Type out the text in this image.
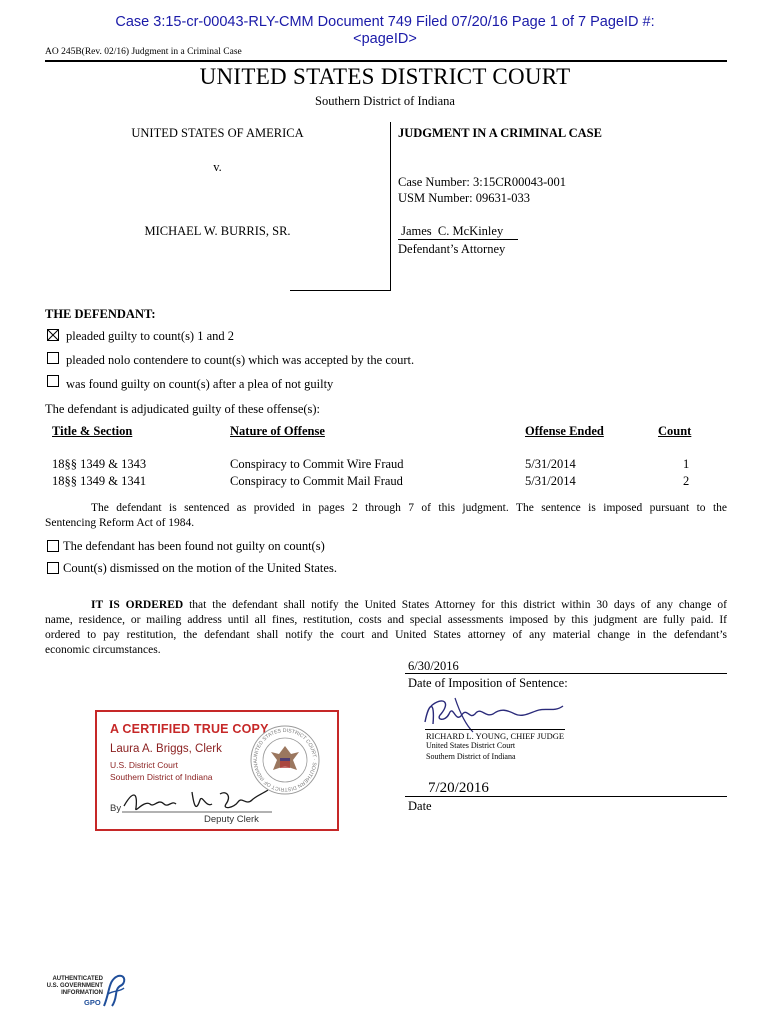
Case 3:15-cr-00043-RLY-CMM Document 749 Filed 07/20/16 Page 1 of 7 PageID #:
<pageID>
AO 245B(Rev. 02/16) Judgment in a Criminal Case
UNITED STATES DISTRICT COURT
Southern District of Indiana
UNITED STATES OF AMERICA
v.
MICHAEL W. BURRIS, SR.
JUDGMENT IN A CRIMINAL CASE
Case Number: 3:15CR00043-001
USM Number: 09631-033
James  C. McKinley
Defendant’s Attorney
THE DEFENDANT:
pleaded guilty to count(s) 1 and 2
pleaded nolo contendere to count(s) which was accepted by the court.
was found guilty on count(s) after a plea of not guilty
The defendant is adjudicated guilty of these offense(s):
Title & Section	Nature of Offense	Offense Ended	Count
18§§ 1349 & 1343	Conspiracy to Commit Wire Fraud	5/31/2014	1
18§§ 1349 & 1341	Conspiracy to Commit Mail Fraud	5/31/2014	2
The defendant is sentenced as provided in pages 2 through 7 of this judgment. The sentence is imposed pursuant to the
Sentencing Reform Act of 1984.
The defendant has been found not guilty on count(s)
Count(s) dismissed on the motion of the United States.
IT IS ORDERED that the defendant shall notify the United States Attorney for this district within 30 days of any change of
name, residence, or mailing address until all fines, restitution, costs and special assessments imposed by this judgment are fully paid. If
ordered to pay restitution, the defendant shall notify the court and United States attorney of any material change in the defendant’s
economic circumstances.
6/30/2016
Date of Imposition of Sentence:
RICHARD L. YOUNG, CHIEF JUDGE
United States District Court
Southern District of Indiana
7/20/2016
Date
A CERTIFIED TRUE COPY
Laura A. Briggs, Clerk
U.S. District Court
Southern District of Indiana
By
Deputy Clerk
UNITED STATES DISTRICT COURT · SOUTHERN DISTRICT OF INDIANA
AUTHENTICATED
U.S. GOVERNMENT
INFORMATION
GPO
